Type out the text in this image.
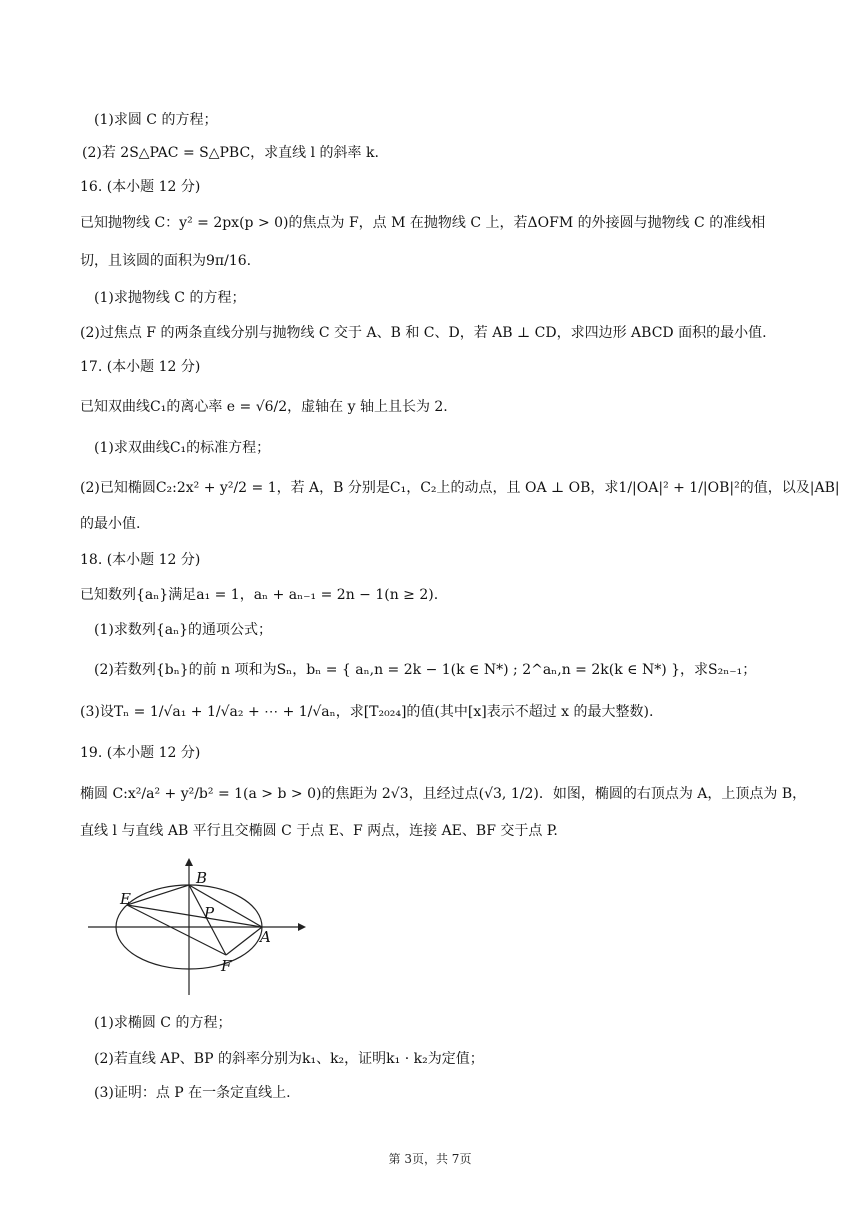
(1)求圆 C 的方程；
(2)若 2S△PAC = S△PBC，求直线 l 的斜率 k.
16. (本小题 12 分)
已知抛物线 C：y² = 2px(p > 0)的焦点为 F，点 M 在抛物线 C 上，若ΔOFM 的外接圆与抛物线 C 的准线相
切，且该圆的面积为9π/16.
(1)求抛物线 C 的方程；
(2)过焦点 F 的两条直线分别与抛物线 C 交于 A、B 和 C、D，若 AB ⊥ CD，求四边形 ABCD 面积的最小值.
17. (本小题 12 分)
已知双曲线C₁的离心率 e = √6/2，虚轴在 y 轴上且长为 2.
(1)求双曲线C₁的标准方程；
(2)已知椭圆C₂:2x² + y²/2 = 1，若 A，B 分别是C₁，C₂上的动点，且 OA ⊥ OB，求1/|OA|² + 1/|OB|²的值，以及|AB|
的最小值.
18. (本小题 12 分)
已知数列{aₙ}满足a₁ = 1，aₙ + aₙ₋₁ = 2n − 1(n ≥ 2).
(1)求数列{aₙ}的通项公式；
(2)若数列{bₙ}的前 n 项和为Sₙ，bₙ = { aₙ,n = 2k − 1(k ∈ N*) ; 2^aₙ,n = 2k(k ∈ N*) }，求S₂ₙ₋₁；
(3)设Tₙ = 1/√a₁ + 1/√a₂ + ⋯ + 1/√aₙ，求[T₂₀₂₄]的值(其中[x]表示不超过 x 的最大整数).
19. (本小题 12 分)
椭圆 C:x²/a² + y²/b² = 1(a > b > 0)的焦距为 2√3，且经过点(√3, 1/2)．如图，椭圆的右顶点为 A，上顶点为 B，
直线 l 与直线 AB 平行且交椭圆 C 于点 E、F 两点，连接 AE、BF 交于点 P.
E
B
P
A
F
(1)求椭圆 C 的方程；
(2)若直线 AP、BP 的斜率分别为k₁、k₂，证明k₁ · k₂为定值；
(3)证明：点 P 在一条定直线上.
第 3页，共 7页
